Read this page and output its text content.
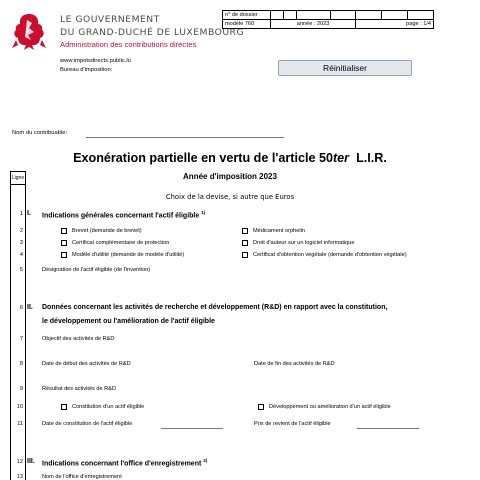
LE GOUVERNEMENT
DU GRAND-DUCHÉ DE LUXEMBOURG
Administration des contributions directes
n° de dossier							
modèle 760	année : 2023				page : 1/4		
www.impotsdirects.public.lu
Bureau d'imposition:	Réinitialiser
Nom du contribuable:
Exonération partielle en vertu de l'article 50ter L.I.R.
Année d'imposition 2023
Choix de la devise, si autre que Euros
Ligne
1 I. Indications générales concernant l'actif éligible $^{1)}$
2	Brevet (demande de brevet)	Médicament orphelin
3	Certificat complémentaire de protection	Droit d'auteur sur un logiciel informatique
4	Modèle d'utilité (demande de modèle d'utilité)	Certificat d'obtention végétale (demande d'obtention végétale)
5	Désignation de l'actif éligible (de l'invention)
6 II. Données concernant les activités de recherche et développement (R&D) en rapport avec la constitution,
le développement ou l'amélioration de l'actif éligible
7	Objectif des activités de R&D
8	Date de début des activités de R&D	Date de fin des activités de R&D
9	Résultat des activités de R&D
10	Constitution d'un actif éligible	Développement ou amélioration d'un actif éligible
11	Date de constitution de l'actif éligible	Prix de revient de l'actif éligible
12 III. Indications concernant l'office d'enregistrement $^{2)}$
13	Nom de l'office d'enregistrement
